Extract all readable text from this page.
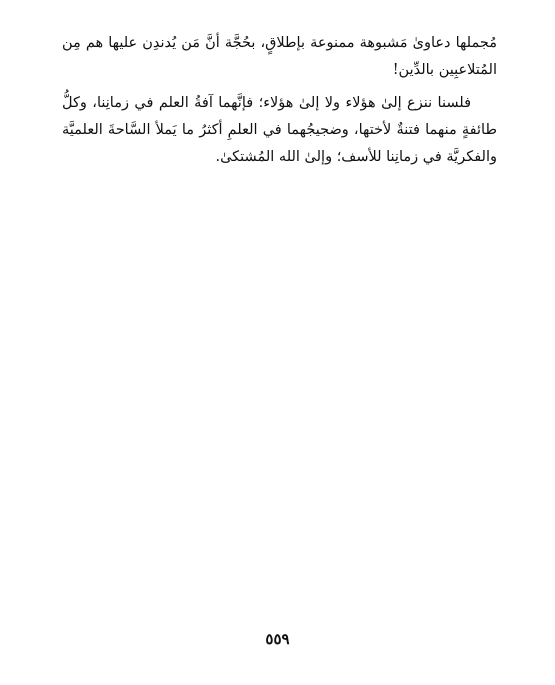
مُجملها دعاوىٰ مَشبوهة ممنوعة بإطلاقٍ، بحُجَّة أنَّ مَن يُدندِن عليها هم مِن المُتلاعبِين بالدِّين!

فلسنا ننزع إلىٰ هؤلاء ولا إلىٰ هؤلاء؛ فإنَّهما آفةُ العلم في زمانِنا، وكلُّ طائفةٍ منهما فتنةٌ لأختها، وضجيجُهما في العلمِ أكثرُ ما يَملأ السَّاحةَ العلميَّة والفكريَّة في زمانِنا للأسف؛ وإلىٰ الله المُشتكىٰ.

٥٥٩
